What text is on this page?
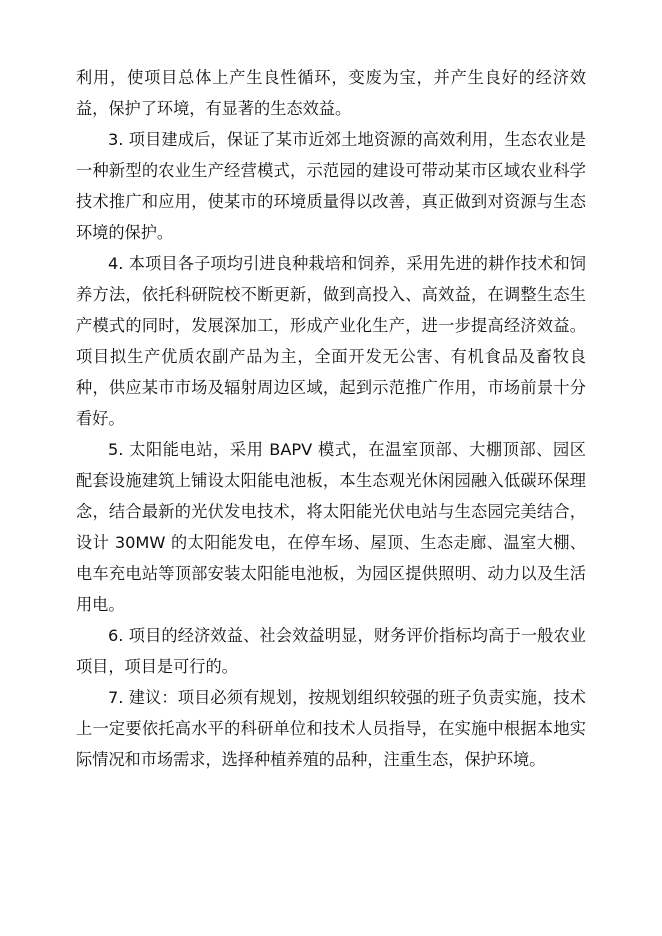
利用，使项目总体上产生良性循环，变废为宝，并产生良好的经济效益，保护了环境，有显著的生态效益。

3. 项目建成后，保证了某市近郊土地资源的高效利用，生态农业是一种新型的农业生产经营模式，示范园的建设可带动某市区域农业科学技术推广和应用，使某市的环境质量得以改善，真正做到对资源与生态环境的保护。

4. 本项目各子项均引进良种栽培和饲养，采用先进的耕作技术和饲养方法，依托科研院校不断更新，做到高投入、高效益，在调整生态生产模式的同时，发展深加工，形成产业化生产，进一步提高经济效益。项目拟生产优质农副产品为主，全面开发无公害、有机食品及畜牧良种，供应某市市场及辐射周边区域，起到示范推广作用，市场前景十分看好。

5. 太阳能电站，采用 BAPV 模式，在温室顶部、大棚顶部、园区配套设施建筑上铺设太阳能电池板，本生态观光休闲园融入低碳环保理念，结合最新的光伏发电技术，将太阳能光伏电站与生态园完美结合，设计 30MW 的太阳能发电，在停车场、屋顶、生态走廊、温室大棚、电车充电站等顶部安装太阳能电池板，为园区提供照明、动力以及生活用电。

6. 项目的经济效益、社会效益明显，财务评价指标均高于一般农业项目，项目是可行的。

7. 建议：项目必须有规划，按规划组织较强的班子负责实施，技术上一定要依托高水平的科研单位和技术人员指导，在实施中根据本地实际情况和市场需求，选择种植养殖的品种，注重生态，保护环境。
